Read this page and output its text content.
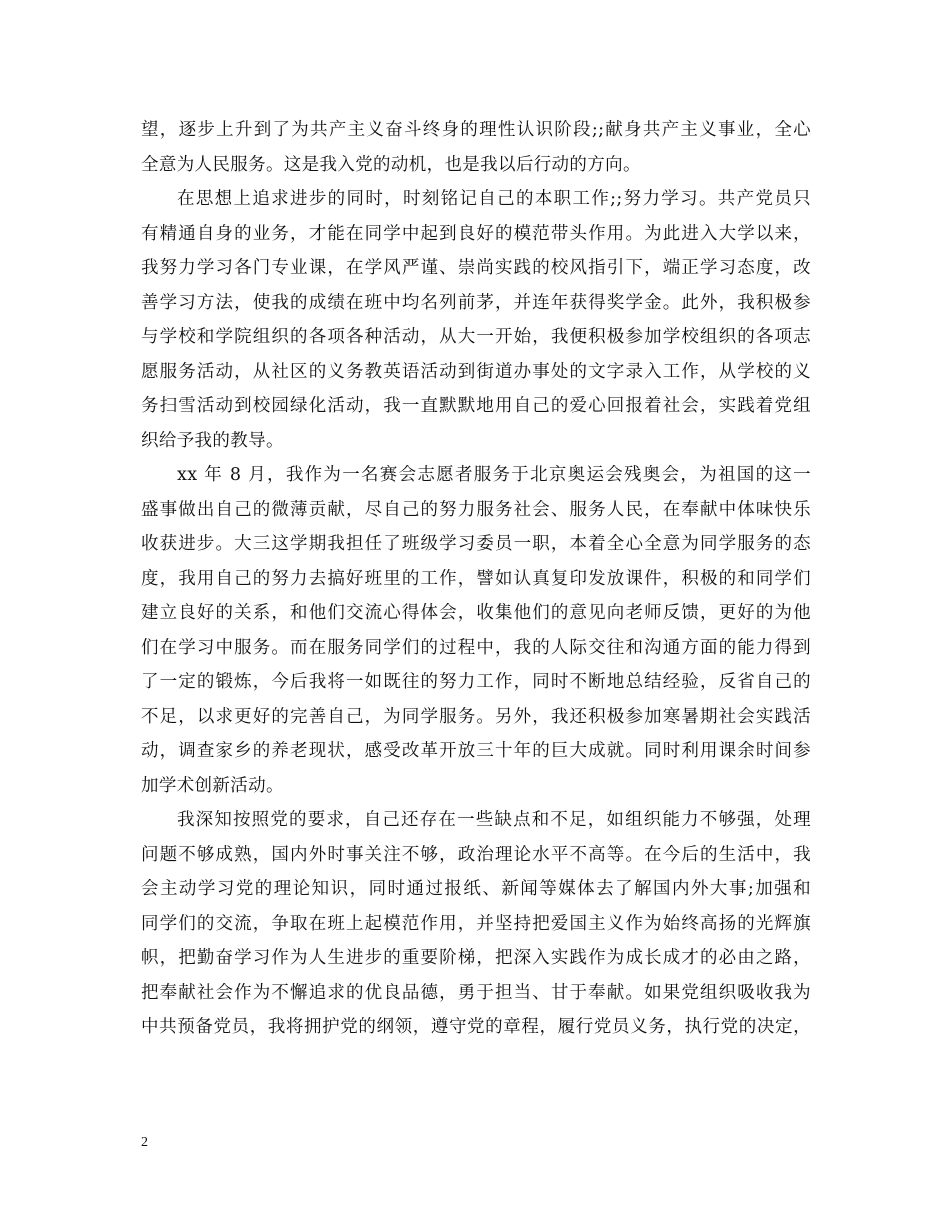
望，逐步上升到了为共产主义奋斗终身的理性认识阶段;;献身共产主义事业，全心
全意为人民服务。这是我入党的动机，也是我以后行动的方向。
在思想上追求进步的同时，时刻铭记自己的本职工作;;努力学习。共产党员只
有精通自身的业务，才能在同学中起到良好的模范带头作用。为此进入大学以来，
我努力学习各门专业课，在学风严谨、崇尚实践的校风指引下，端正学习态度，改
善学习方法，使我的成绩在班中均名列前茅，并连年获得奖学金。此外，我积极参
与学校和学院组织的各项各种活动，从大一开始，我便积极参加学校组织的各项志
愿服务活动，从社区的义务教英语活动到街道办事处的文字录入工作，从学校的义
务扫雪活动到校园绿化活动，我一直默默地用自己的爱心回报着社会，实践着党组
织给予我的教导。
xx 年 8 月，我作为一名赛会志愿者服务于北京奥运会残奥会，为祖国的这一
盛事做出自己的微薄贡献，尽自己的努力服务社会、服务人民，在奉献中体味快乐
收获进步。大三这学期我担任了班级学习委员一职，本着全心全意为同学服务的态
度，我用自己的努力去搞好班里的工作，譬如认真复印发放课件，积极的和同学们
建立良好的关系，和他们交流心得体会，收集他们的意见向老师反馈，更好的为他
们在学习中服务。而在服务同学们的过程中，我的人际交往和沟通方面的能力得到
了一定的锻炼，今后我将一如既往的努力工作，同时不断地总结经验，反省自己的
不足，以求更好的完善自己，为同学服务。另外，我还积极参加寒暑期社会实践活
动，调查家乡的养老现状，感受改革开放三十年的巨大成就。同时利用课余时间参
加学术创新活动。
我深知按照党的要求，自己还存在一些缺点和不足，如组织能力不够强，处理
问题不够成熟，国内外时事关注不够，政治理论水平不高等。在今后的生活中，我
会主动学习党的理论知识，同时通过报纸、新闻等媒体去了解国内外大事;加强和
同学们的交流，争取在班上起模范作用，并坚持把爱国主义作为始终高扬的光辉旗
帜，把勤奋学习作为人生进步的重要阶梯，把深入实践作为成长成才的必由之路，
把奉献社会作为不懈追求的优良品德，勇于担当、甘于奉献。如果党组织吸收我为
中共预备党员，我将拥护党的纲领，遵守党的章程，履行党员义务，执行党的决定，
2
